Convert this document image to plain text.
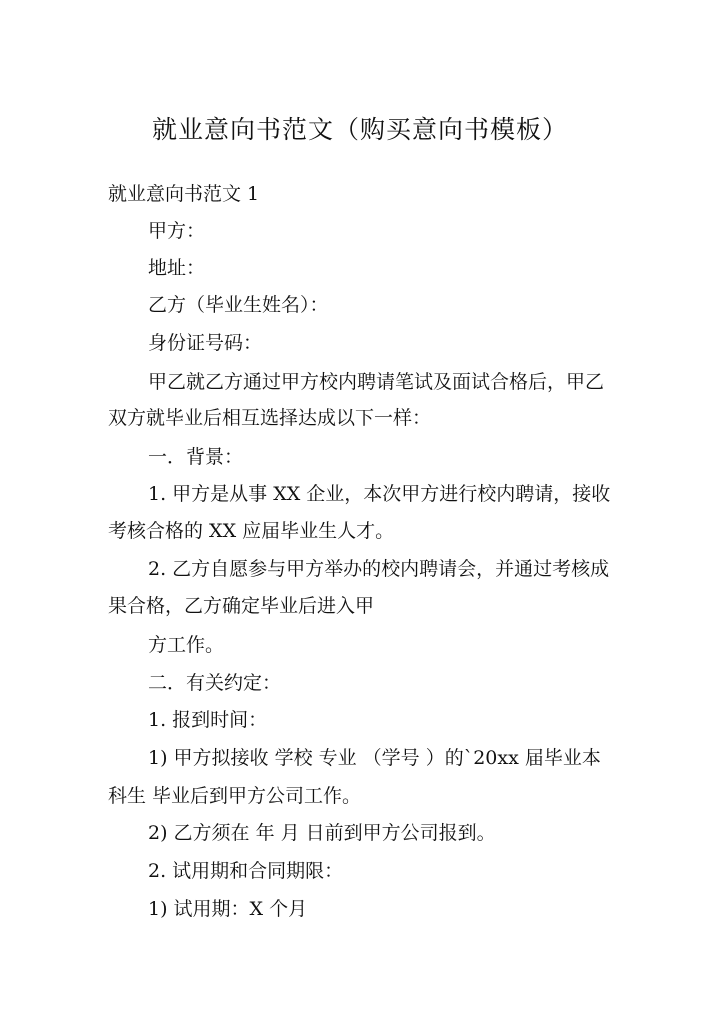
就业意向书范文（购买意向书模板）
就业意向书范文 1
甲方：
地址：
乙方（毕业生姓名）：
身份证号码：
甲乙就乙方通过甲方校内聘请笔试及面试合格后，甲乙
双方就毕业后相互选择达成以下一样：
一．背景：
1. 甲方是从事 XX 企业，本次甲方进行校内聘请，接收
考核合格的 XX 应届毕业生人才。
2. 乙方自愿参与甲方举办的校内聘请会，并通过考核成
果合格，乙方确定毕业后进入甲
方工作。
二．有关约定：
1. 报到时间：
1) 甲方拟接收 学校 专业 （学号 ）的`20xx 届毕业本
科生 毕业后到甲方公司工作。
2) 乙方须在 年 月 日前到甲方公司报到。
2. 试用期和合同期限：
1) 试用期：X 个月
